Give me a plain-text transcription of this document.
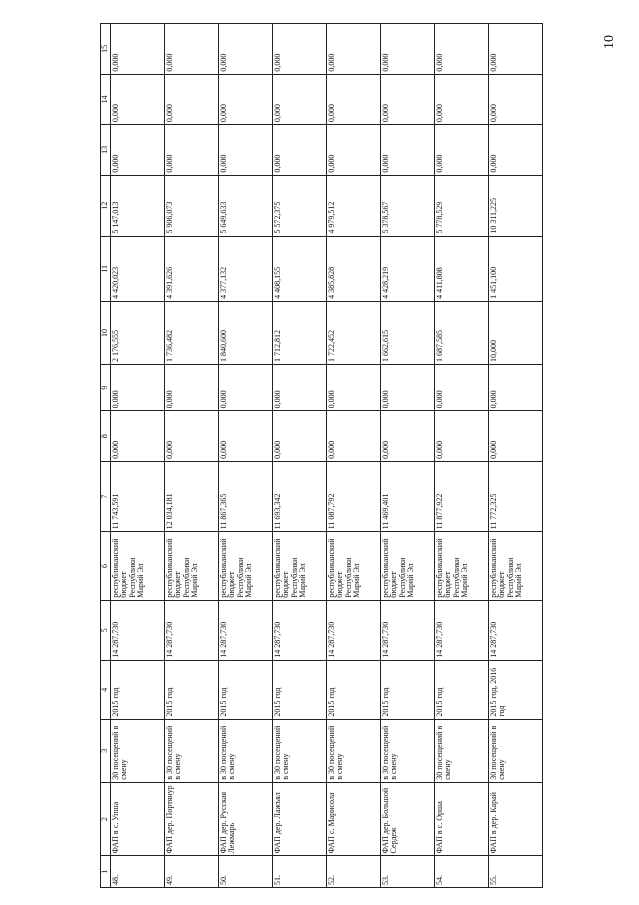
10
1	2	3	4	5	6	7	8	9	10	11	12	13	14	15
48.	ФАП в с. Упша	30 посещений в смену	2015 год	14 287,730	республиканский бюджет Республики Марий Эл	11 743,591	0,000	0,000	2 176,555	4 420,023	5 147,013	0,000	0,000	0,000
49.	ФАП дер. Портянур	в 30 посещений в смену	2015 год	14 287,730	республиканский бюджет Республики Марий Эл	12 034,181	0,000	0,000	1 736,482	4 391,626	5 906,073	0,000	0,000	0,000
50.	ФАП дер. Русская Лежмарь	в 30 посещений в смену	2015 год	14 287,730	республиканский бюджет Республики Марий Эл	11 867,365	0,000	0,000	1 840,600	4 377,132	5 649,633	0,000	0,000	0,000
51.	ФАП дер. Лажъял	в 30 посещений в смену	2015 год	14 287,730	республиканский бюджет Республики Марий Эл	11 693,342	0,000	0,000	1 712,812	4 408,155	5 572,375	0,000	0,000	0,000
52.	ФАП с. Марисола	в 30 посещений в смену	2015 год	14 287,730	республиканский бюджет Республики Марий Эл	11 087,792	0,000	0,000	1 722,452	4 385,828	4 979,512	0,000	0,000	0,000
53.	ФАП дер. Большой Сердеж	в 30 посещений в смену	2015 год	14 287,730	республиканский бюджет Республики Марий Эл	11 469,401	0,000	0,000	1 662,615	4 428,219	5 378,567	0,000	0,000	0,000
54.	ФАП в с. Орша	30 посещений в смену	2015 год	14 287,730	республиканский бюджет Республики Марий Эл	11 877,922	0,000	0,000	1 687,585	4 411,808	5 778,529	0,000	0,000	0,000
55.	ФАП в дер. Карай	30 посещений в смену	2015 год, 2016 год	14 287,730	республиканский бюджет Республики Марий Эл	11 772,325	0,000	0,000	10,000	1 451,100	10 311,225	0,000	0,000	0,000
